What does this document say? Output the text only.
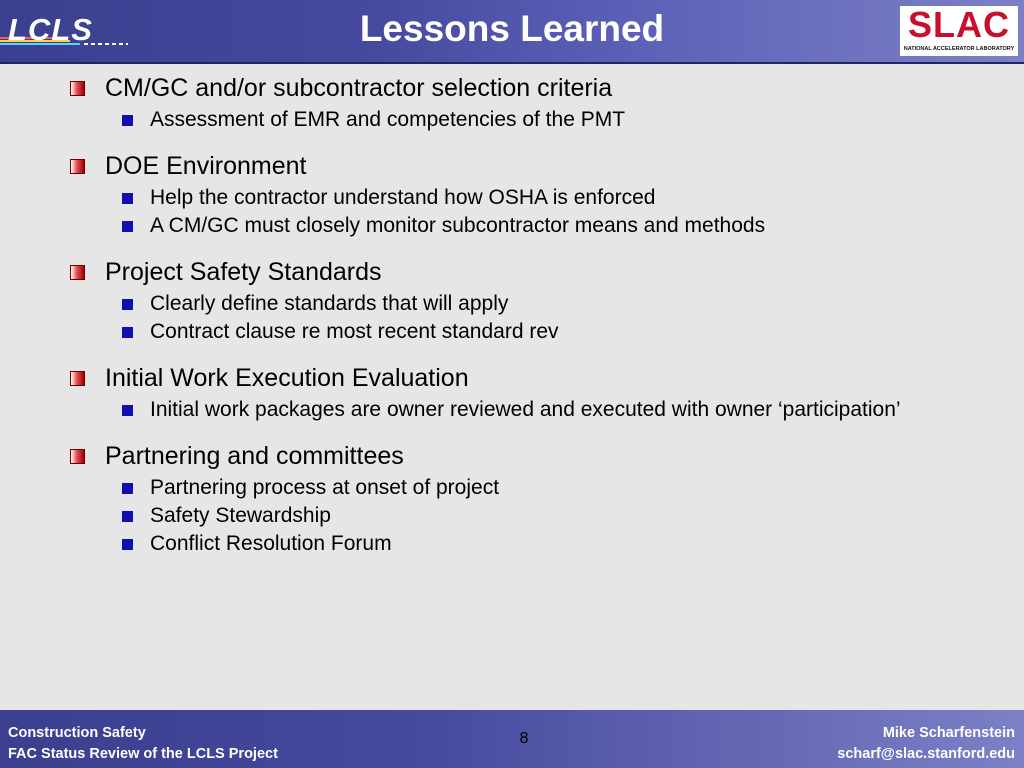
LCLS	Lessons Learned	SLAC
NATIONAL ACCELERATOR LABORATORY
CM/GC and/or subcontractor selection criteria
Assessment of EMR and competencies of the PMT
DOE Environment
Help the contractor understand how OSHA is enforced
A CM/GC must closely monitor subcontractor means and methods
Project Safety Standards
Clearly define standards that will apply
Contract clause re most recent standard rev
Initial Work Execution Evaluation
Initial work packages are owner reviewed and executed with owner ‘participation’
Partnering and committees
Partnering process at onset of project
Safety Stewardship
Conflict Resolution Forum
Construction Safety
FAC Status Review of the LCLS Project
8	Mike Scharfenstein
scharf@slac.stanford.edu
